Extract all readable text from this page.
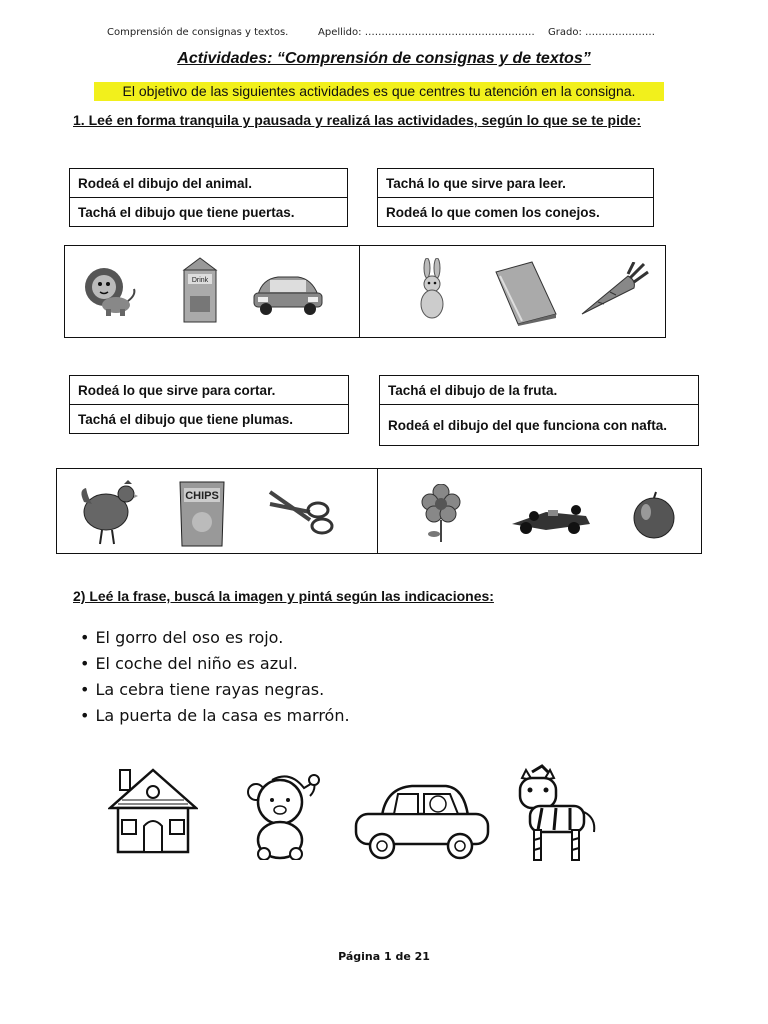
Comprensión de consignas y textos.	Apellido: …………………………………………… Grado: …………………
Actividades: “Comprensión de consignas y de textos”
El objetivo de las siguientes actividades es que centres tu atención en la consigna.
1. Leé en forma tranquila y pausada y realizá las actividades, según lo que se te pide:
Rodeá el dibujo del animal.
Tachá el dibujo que tiene puertas.
Tachá lo que sirve para leer.
Rodeá lo que comen los conejos.
Drink
Rodeá lo que sirve para cortar.
Tachá el dibujo que tiene plumas.
Tachá el dibujo de la fruta.
Rodeá el dibujo del que funciona con nafta.
CHIPS
2) Leé la frase, buscá la imagen y pintá según las indicaciones:
• El gorro del oso es rojo.
• El coche del niño es azul.
• La cebra tiene rayas negras.
• La puerta de la casa es marrón.
Página 1 de 21
